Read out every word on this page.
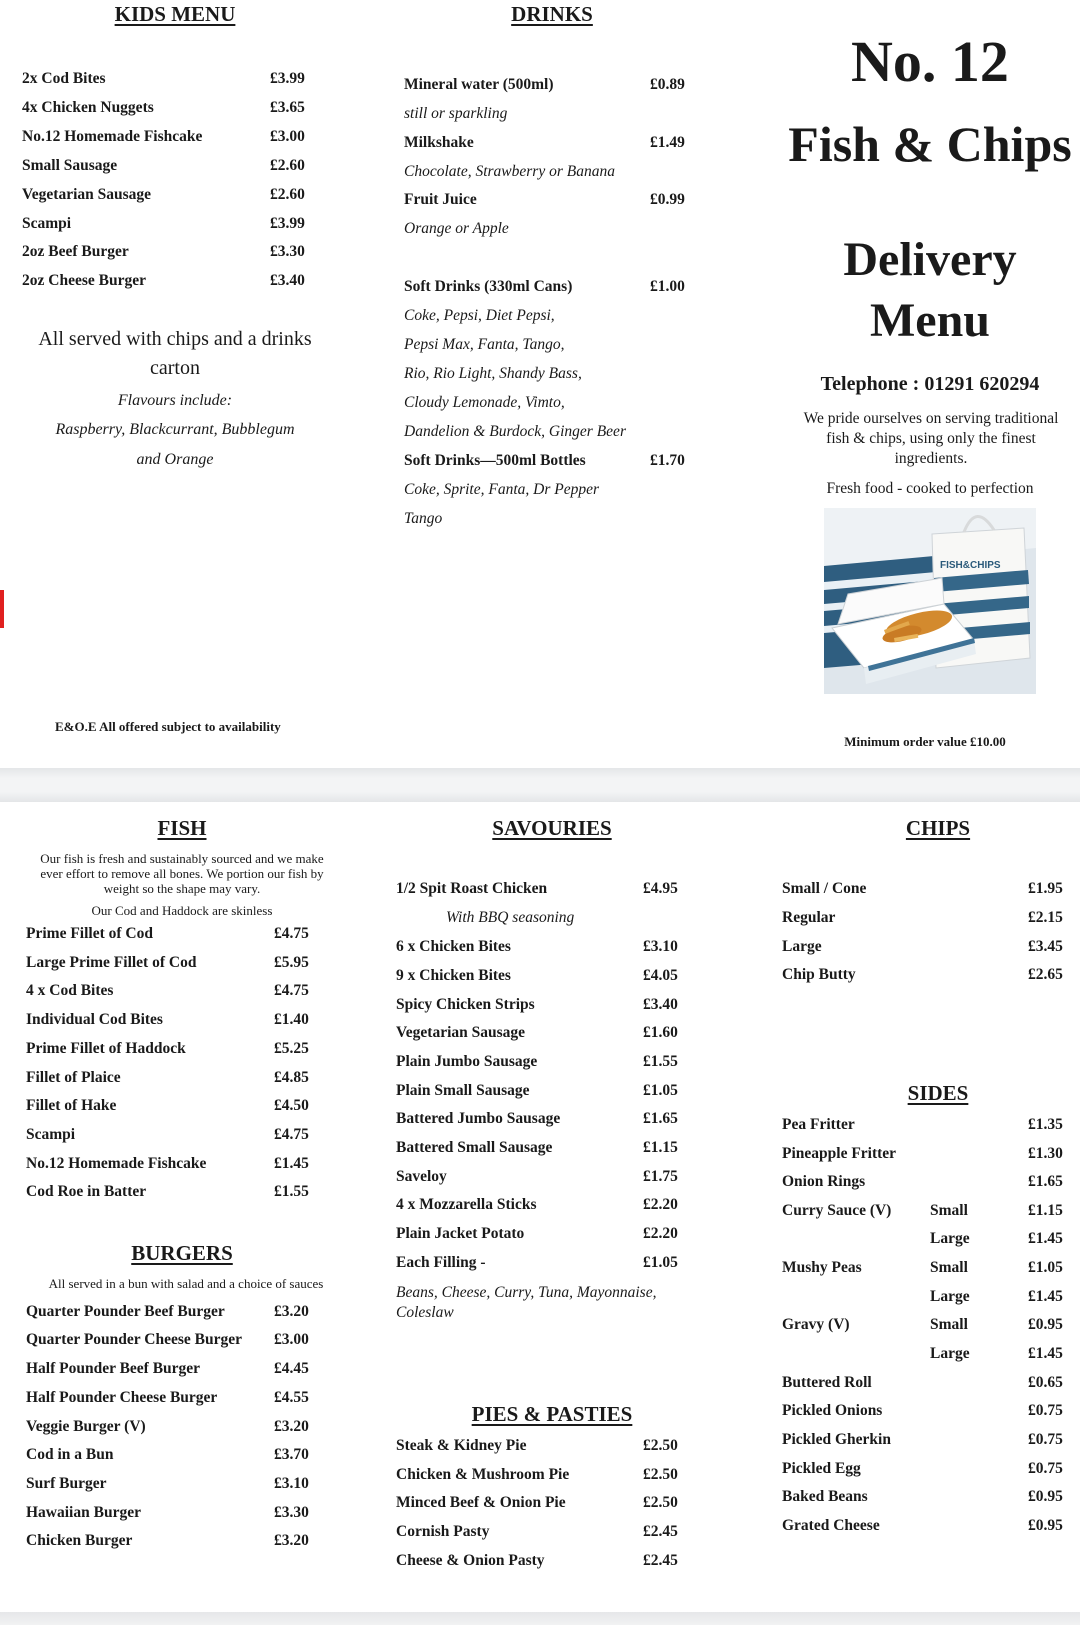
KIDS MENU
2x Cod Bites	£3.99
4x Chicken Nuggets	£3.65
No.12 Homemade Fishcake	£3.00
Small Sausage	£2.60
Vegetarian Sausage	£2.60
Scampi	£3.99
2oz Beef Burger	£3.30
2oz Cheese Burger	£3.40
All served with chips and a drinks
carton
Flavours include:
Raspberry, Blackcurrant, Bubblegum
and Orange
E&O.E All offered subject to availability
DRINKS
Mineral water (500ml)	£0.89
still or sparkling
Milkshake	£1.49
Chocolate, Strawberry or Banana
Fruit Juice	£0.99
Orange or Apple
Soft Drinks (330ml Cans)	£1.00
Coke, Pepsi, Diet Pepsi,
Pepsi Max, Fanta, Tango,
Rio, Rio Light, Shandy Bass,
Cloudy Lemonade, Vimto,
Dandelion & Burdock, Ginger Beer
Soft Drinks—500ml Bottles	£1.70
Coke, Sprite, Fanta, Dr Pepper
Tango
No. 12
Fish & Chips
Delivery
Menu
Telephone : 01291 620294
We pride ourselves on serving traditional fish & chips, using only the finest ingredients.
Fresh food - cooked to perfection
FISH&CHIPS
Minimum order value £10.00
FISH
Our fish is fresh and sustainably sourced and we make ever effort to remove all bones. We portion our fish by weight so the shape may vary.
Our Cod and Haddock are skinless
Prime Fillet of Cod	£4.75
Large Prime Fillet of Cod	£5.95
4 x Cod Bites	£4.75
Individual Cod Bites	£1.40
Prime Fillet of Haddock	£5.25
Fillet of Plaice	£4.85
Fillet of Hake	£4.50
Scampi	£4.75
No.12 Homemade Fishcake	£1.45
Cod Roe in Batter	£1.55
BURGERS
All served in a bun with salad and a choice of sauces
Quarter Pounder Beef Burger	£3.20
Quarter Pounder Cheese Burger £3.00
Half Pounder Beef Burger	£4.45
Half Pounder Cheese Burger	£4.55
Veggie Burger (V)	£3.20
Cod in a Bun	£3.70
Surf Burger	£3.10
Hawaiian Burger	£3.30
Chicken Burger	£3.20
SAVOURIES
1/2 Spit Roast Chicken	£4.95
With BBQ seasoning
6 x Chicken Bites	£3.10
9 x Chicken Bites	£4.05
Spicy Chicken Strips	£3.40
Vegetarian Sausage	£1.60
Plain Jumbo Sausage	£1.55
Plain Small Sausage	£1.05
Battered Jumbo Sausage	£1.65
Battered Small Sausage	£1.15
Saveloy	£1.75
4 x Mozzarella Sticks	£2.20
Plain Jacket Potato	£2.20
Each Filling -	£1.05
Beans, Cheese, Curry, Tuna, Mayonnaise,
Coleslaw
PIES & PASTIES
Steak & Kidney Pie	£2.50
Chicken & Mushroom Pie	£2.50
Minced Beef & Onion Pie	£2.50
Cornish Pasty	£2.45
Cheese & Onion Pasty	£2.45
CHIPS
Small / Cone	£1.95
Regular	£2.15
Large	£3.45
Chip Butty	£2.65
SIDES
Pea Fritter	£1.35
Pineapple Fritter	£1.30
Onion Rings	£1.65
Curry Sauce (V) Small	£1.15
Large	£1.45
Mushy Peas	Small	£1.05
Large	£1.45
Gravy (V)	Small	£0.95
Large	£1.45
Buttered Roll	£0.65
Pickled Onions	£0.75
Pickled Gherkin	£0.75
Pickled Egg	£0.75
Baked Beans	£0.95
Grated Cheese	£0.95
